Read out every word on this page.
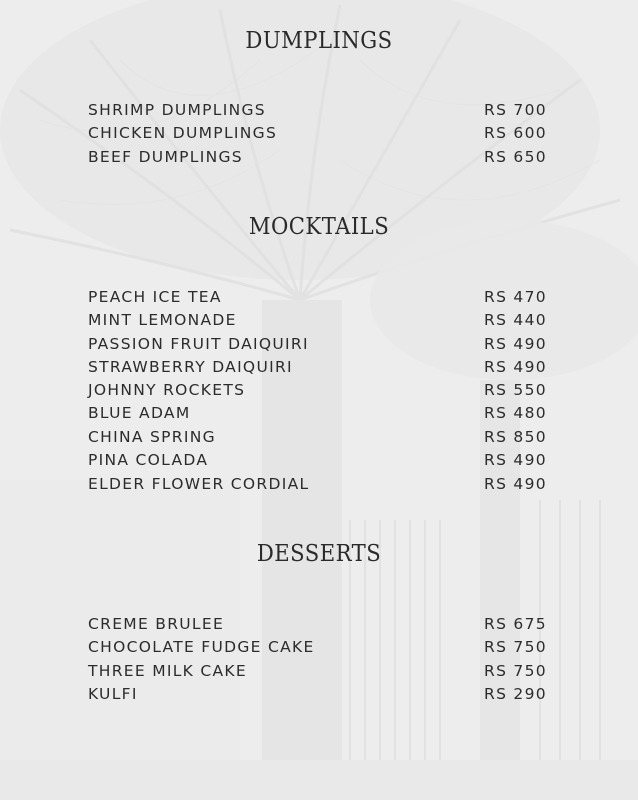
DUMPLINGS
SHRIMP DUMPLINGS	RS 700
CHICKEN DUMPLINGS	RS 600
BEEF DUMPLINGS	RS 650
MOCKTAILS
PEACH ICE TEA	RS 470
MINT LEMONADE	RS 440
PASSION FRUIT DAIQUIRI	RS 490
STRAWBERRY DAIQUIRI	RS 490
JOHNNY ROCKETS	RS 550
BLUE ADAM	RS 480
CHINA SPRING	RS 850
PINA COLADA	RS 490
ELDER FLOWER CORDIAL	RS 490
DESSERTS
CREME BRULEE	RS 675
CHOCOLATE FUDGE CAKE	RS 750
THREE MILK CAKE	RS 750
KULFI	RS 290
